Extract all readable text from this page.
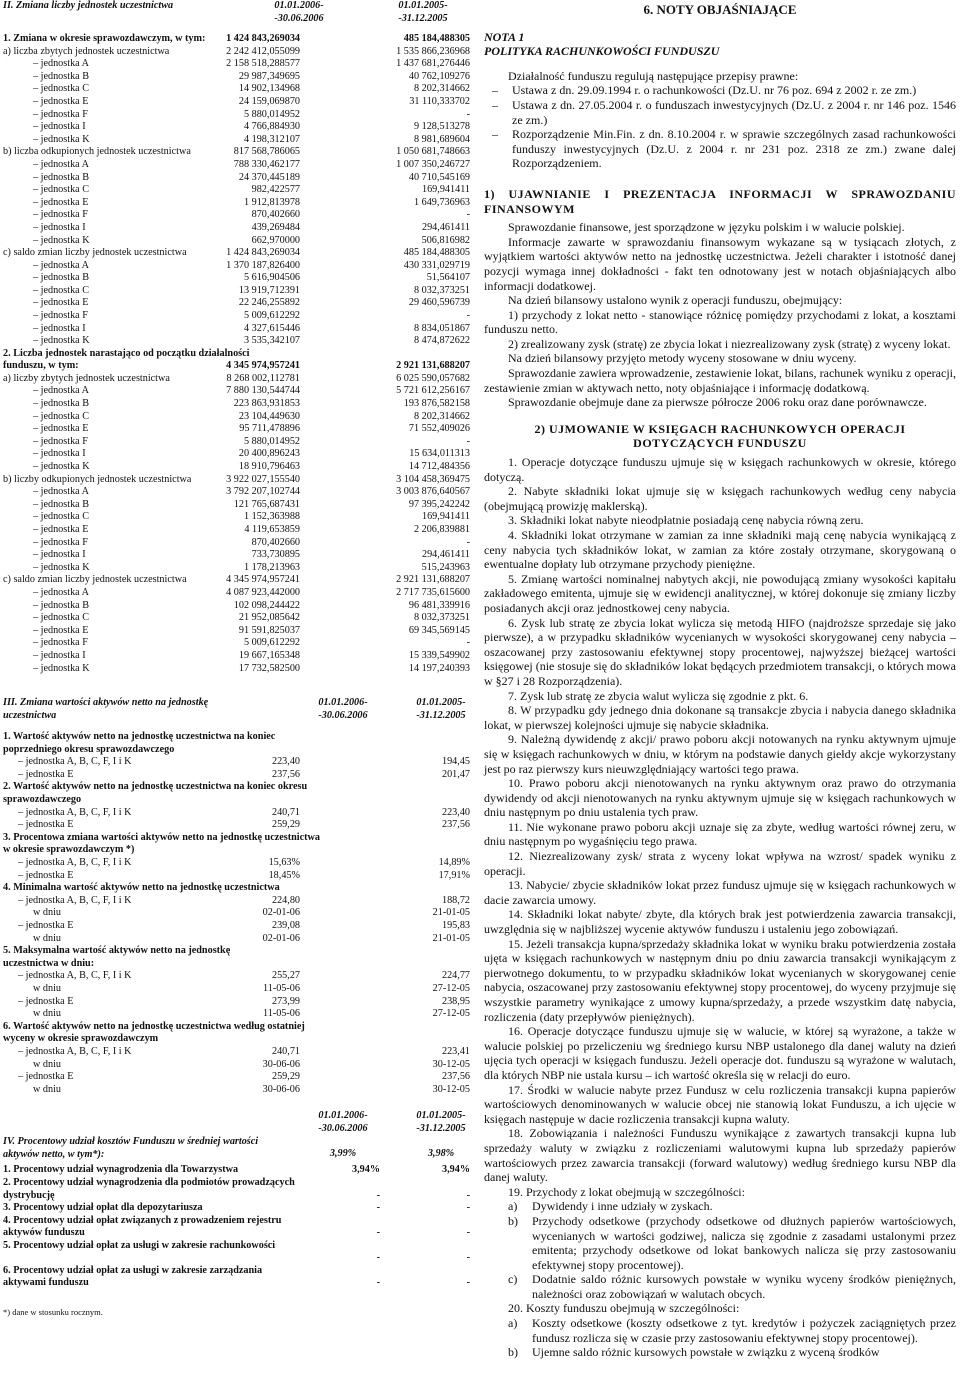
II. Zmiana liczby jednostek uczestnictwa	01.01.2006- -30.06.2006
01.01.2005- -31.12.2005
1. Zmiana w okresie sprawozdawczym, w tym: 1 424 843,269034	485 184,488305
a) liczba zbytych jednostek uczestnictwa	2 242 412,055099	1 535 866,236968
– jednostka A	2 158 518,288577	1 437 681,276446
– jednostka B	29 987,349695	40 762,109276
– jednostka C	14 902,134968	8 202,314662
– jednostka E	24 159,069870	31 110,333702
– jednostka F	5 880,014952	-
– jednostka I	4 766,884930	9 128,513278
– jednostka K	4 198,312107	8 981,689604
b) liczba odkupionych jednostek uczestnictwa	817 568,786065	1 050 681,748663
– jednostka A	788 330,462177	1 007 350,246727
– jednostka B	24 370,445189	40 710,545169
– jednostka C	982,422577	169,941411
– jednostka E	1 912,813978	1 649,736963
– jednostka F	870,402660	-
– jednostka I	439,269484	294,461411
– jednostka K	662,970000	506,816982
c) saldo zmian liczby jednostek uczestnictwa	1 424 843,269034	485 184,488305
– jednostka A	1 370 187,826400	430 331,029719
– jednostka B	5 616,904506	51,564107
– jednostka C	13 919,712391	8 032,373251
– jednostka E	22 246,255892	29 460,596739
– jednostka F	5 009,612292	-
– jednostka I	4 327,615446	8 834,051867
– jednostka K	3 535,342107	8 474,872622
2. Liczba jednostek narastająco od początku działalności funduszu, w tym:	4 345 974,957241	2 921 131,688207
a) liczby zbytych jednostek uczestnictwa	8 268 002,112781	6 025 590,057682
– jednostka A	7 880 130,544744	5 721 612,256167
– jednostka B	223 863,931853	193 876,582158
– jednostka C	23 104,449630	8 202,314662
– jednostka E	95 711,478896	71 552,409026
– jednostka F	5 880,014952	-
– jednostka I	20 400,896243	15 634,011313
– jednostka K	18 910,796463	14 712,484356
b) liczby odkupionych jednostek uczestnictwa	3 922 027,155540	3 104 458,369475
– jednostka A	3 792 207,102744	3 003 876,640567
– jednostka B	121 765,687431	97 395,242242
– jednostka C	1 152,363988	169,941411
– jednostka E	4 119,653859	2 206,839881
– jednostka F	870,402660	-
– jednostka I	733,730895	294,461411
– jednostka K	1 178,213963	515,243963
c) saldo zmian liczby jednostek uczestnictwa	4 345 974,957241	2 921 131,688207
– jednostka A	4 087 923,442000	2 717 735,615600
– jednostka B	102 098,244422	96 481,339916
– jednostka C	21 952,085642	8 032,373251
– jednostka E	91 591,825037	69 345,569145
– jednostka F	5 009,612292	-
– jednostka I	19 667,165348	15 339,549902
– jednostka K	17 732,582500	14 197,240393
III. Zmiana wartości aktywów netto na jednostkę uczestnictwa
01.01.2006- -30.06.2006
01.01.2005- -31.12.2005
1. Wartość aktywów netto na jednostkę uczestnictwa na koniec poprzedniego okresu sprawozdawczego
– jednostka A, B, C, F, I i K	223,40	194,45
– jednostka E	237,56	201,47
2. Wartość aktywów netto na jednostkę uczestnictwa na koniec okresu sprawozdawczego
– jednostka A, B, C, F, I i K	240,71	223,40
– jednostka E	259,29	237,56
3. Procentowa zmiana wartości aktywów netto na jednostkę uczestnictwa w okresie sprawozdawczym *)
– jednostka A, B, C, F, I i K	15,63%	14,89%
– jednostka E	18,45%	17,91%
4. Minimalna wartość aktywów netto na jednostkę uczestnictwa
– jednostka A, B, C, F, I i K	224,80	188,72
w dniu	02-01-06	21-01-05
– jednostka E	239,08	195,83
w dniu	02-01-06	21-01-05
5. Maksymalna wartość aktywów netto na jednostkę uczestnictwa w dniu:
– jednostka A, B, C, F, I i K	255,27	224,77
w dniu	11-05-06	27-12-05
– jednostka E	273,99	238,95
w dniu	11-05-06	27-12-05
6. Wartość aktywów netto na jednostkę uczestnictwa według ostatniej wyceny w okresie sprawozdawczym
– jednostka A, B, C, F, I i K	240,71	223,41
w dniu	30-06-06	30-12-05
– jednostka E	259,29	237,56
w dniu	30-06-06	30-12-05
01.01.2006- -30.06.2006
01.01.2005- -31.12.2005
IV. Procentowy udział kosztów Funduszu w średniej wartości aktywów netto, w tym*):	3,99%	3,98%
1. Procentowy udział wynagrodzenia dla Towarzystwa	3,94%	3,94%
2. Procentowy udział wynagrodzenia dla podmiotów prowadzących dystrybucję	-	-
3. Procentowy udział opłat dla depozytariusza	-	-
4. Procentowy udział opłat związanych z prowadzeniem rejestru aktywów funduszu	-	-
5. Procentowy udział opłat za usługi w zakresie rachunkowości
-	-
6. Procentowy udział opłat za usługi w zakresie zarządzania aktywami funduszu	-	-
*) dane w stosunku rocznym.
6. NOTY OBJAŚNIAJĄCE
NOTA 1
POLITYKA RACHUNKOWOŚCI FUNDUSZU

Działalność funduszu regulują następujące przepisy prawne:

– Ustawa z dn. 29.09.1994 r. o rachunkowości (Dz.U. nr 76 poz. 694 z 2002 r. ze zm.)
– Ustawa z dn. 27.05.2004 r. o funduszach inwestycyjnych (Dz.U. z 2004 r. nr 146 poz. 1546 ze zm.)
– Rozporządzenie Min.Fin. z dn. 8.10.2004 r. w sprawie szczególnych zasad rachunkowości funduszy inwestycyjnych (Dz.U. z 2004 r. nr 231 poz. 2318 ze zm.) zwane dalej Rozporządzeniem.
1) UJAWNIANIE I PREZENTACJA INFORMACJI W SPRAWOZDANIU FINANSOWYM

Sprawozdanie finansowe, jest sporządzone w języku polskim i w walucie polskiej.

Informacje zawarte w sprawozdaniu finansowym wykazane są w tysiącach złotych, z wyjątkiem wartości aktywów netto na jednostkę uczestnictwa. Jeżeli charakter i istotność danej pozycji wymaga innej dokładności - fakt ten odnotowany jest w notach objaśniających albo informacji dodatkowej.

Na dzień bilansowy ustalono wynik z operacji funduszu, obejmujący:

1) przychody z lokat netto - stanowiące różnicę pomiędzy przychodami z lokat, a kosztami funduszu netto.

2) zrealizowany zysk (stratę) ze zbycia lokat i niezrealizowany zysk (stratę) z wyceny lokat.

Na dzień bilansowy przyjęto metody wyceny stosowane w dniu wyceny.

Sprawozdanie zawiera wprowadzenie, zestawienie lokat, bilans, rachunek wyniku z operacji, zestawienie zmian w aktywach netto, noty objaśniające i informację dodatkową.

Sprawozdanie obejmuje dane za pierwsze półrocze 2006 roku oraz dane porównawcze.

2) UJMOWANIE W KSIĘGACH RACHUNKOWYCH OPERACJI DOTYCZĄCYCH FUNDUSZU

1. Operacje dotyczące funduszu ujmuje się w księgach rachunkowych w okresie, którego dotyczą.

2. Nabyte składniki lokat ujmuje się w księgach rachunkowych według ceny nabycia (obejmującą prowizję maklerską).

3. Składniki lokat nabyte nieodpłatnie posiadają cenę nabycia równą zeru.

4. Składniki lokat otrzymane w zamian za inne składniki mają cenę nabycia wynikającą z ceny nabycia tych składników lokat, w zamian za które zostały otrzymane, skorygowaną o ewentualne dopłaty lub otrzymane przychody pieniężne.

5. Zmianę wartości nominalnej nabytych akcji, nie powodującą zmiany wysokości kapitału zakładowego emitenta, ujmuje się w ewidencji analitycznej, w której dokonuje się zmiany liczby posiadanych akcji oraz jednostkowej ceny nabycia.

6. Zysk lub stratę ze zbycia lokat wylicza się metodą HIFO (najdroższe sprzedaje się jako pierwsze), a w przypadku składników wycenianych w wysokości skorygowanej ceny nabycia – oszacowanej przy zastosowaniu efektywnej stopy procentowej, najwyższej bieżącej wartości księgowej (nie stosuje się do składników lokat będących przedmiotem transakcji, o których mowa w §27 i 28 Rozporządzenia).

7. Zysk lub stratę ze zbycia walut wylicza się zgodnie z pkt. 6.

8. W przypadku gdy jednego dnia dokonane są transakcje zbycia i nabycia danego składnika lokat, w pierwszej kolejności ujmuje się nabycie składnika.

9. Należną dywidendę z akcji/ prawo poboru akcji notowanych na rynku aktywnym ujmuje się w księgach rachunkowych w dniu, w którym na podstawie danych giełdy akcje wykorzystany jest po raz pierwszy kurs nieuwzględniający wartości tego prawa.

10. Prawo poboru akcji nienotowanych na rynku aktywnym oraz prawo do otrzymania dywidendy od akcji nienotowanych na rynku aktywnym ujmuje się w księgach rachunkowych w dniu następnym po dniu ustalenia tych praw.

11. Nie wykonane prawo poboru akcji uznaje się za zbyte, według wartości równej zeru, w dniu następnym po wygaśnięciu tego prawa.

12. Niezrealizowany zysk/ strata z wyceny lokat wpływa na wzrost/ spadek wyniku z operacji.

13. Nabycie/ zbycie składników lokat przez fundusz ujmuje się w księgach rachunkowych w dacie zawarcia umowy.

14. Składniki lokat nabyte/ zbyte, dla których brak jest potwierdzenia zawarcia transakcji, uwzględnia się w najbliższej wycenie aktywów funduszu i ustaleniu jego zobowiązań.

15. Jeżeli transakcja kupna/sprzedaży składnika lokat w wyniku braku potwierdzenia została ujęta w księgach rachunkowych w następnym dniu po dniu zawarcia transakcji wynikającym z pierwotnego dokumentu, to w przypadku składników lokat wycenianych w skorygowanej cenie nabycia, oszacowanej przy zastosowaniu efektywnej stopy procentowej, do wyceny przyjmuje się wszystkie parametry wynikające z umowy kupna/sprzedaży, a przede wszystkim datę nabycia, rozliczenia (daty przepływów pieniężnych).

16. Operacje dotyczące funduszu ujmuje się w walucie, w której są wyrażone, a także w walucie polskiej po przeliczeniu wg średniego kursu NBP ustalonego dla danej waluty na dzień ujęcia tych operacji w księgach funduszu. Jeżeli operacje dot. funduszu są wyrażone w walutach, dla których NBP nie ustala kursu – ich wartość określa się w relacji do euro.

17. Środki w walucie nabyte przez Fundusz w celu rozliczenia transakcji kupna papierów wartościowych denominowanych w walucie obcej nie stanowią lokat Funduszu, a ich ujęcie w księgach następuje w dacie rozliczenia transakcji kupna waluty.

18. Zobowiązania i należności Funduszu wynikające z zawartych transakcji kupna lub sprzedaży waluty w związku z rozliczeniami walutowymi kupna lub sprzedaży papierów wartościowych przez zawarcia transakcji (forward walutowy) według średniego kursu NBP dla danej waluty.

19. Przychody z lokat obejmują w szczególności:

a) Dywidendy i inne udziały w zyskach.
b) Przychody odsetkowe (przychody odsetkowe od dłużnych papierów wartościowych, wycenianych w wartości godziwej, nalicza się zgodnie z zasadami ustalonymi przez emitenta; przychody odsetkowe od lokat bankowych nalicza się przy zastosowaniu efektywnej stopy procentowej).
c) Dodatnie saldo różnic kursowych powstałe w wyniku wyceny środków pieniężnych, należności oraz zobowiązań w walutach obcych.

20. Koszty funduszu obejmują w szczególności:

a) Koszty odsetkowe (koszty odsetkowe z tyt. kredytów i pożyczek zaciągniętych przez fundusz rozlicza się w czasie przy zastosowaniu efektywnej stopy procentowej).
b) Ujemne saldo różnic kursowych powstałe w związku z wyceną środków
